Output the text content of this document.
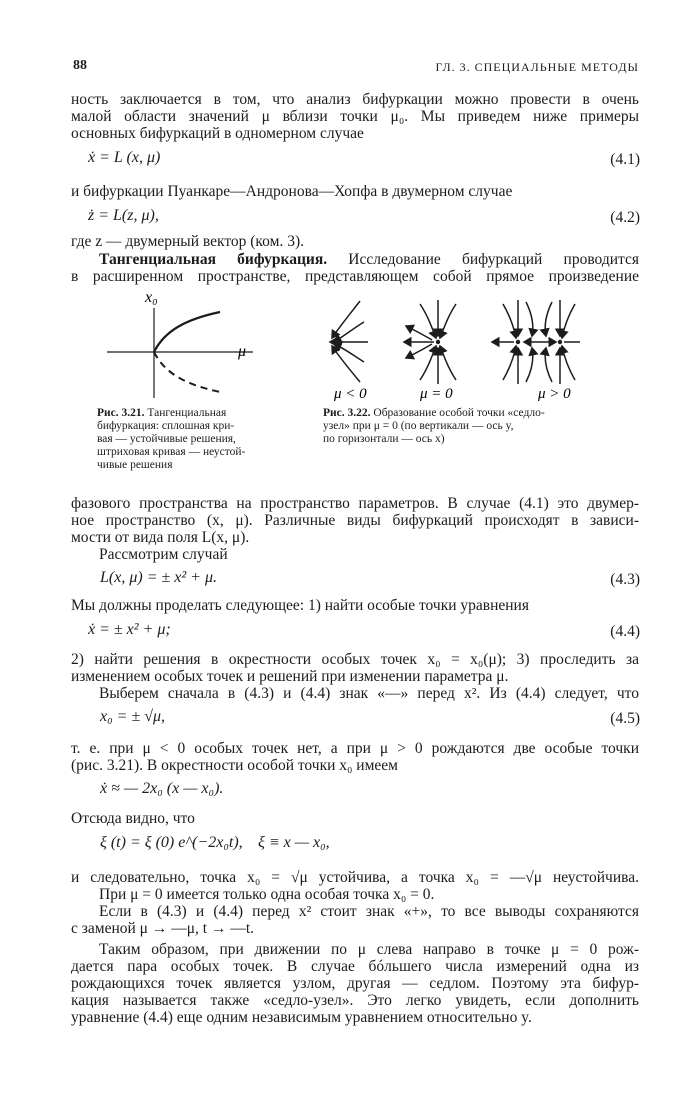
88	ГЛ. 3. СПЕЦИАЛЬНЫЕ МЕТОДЫ
ность заключается в том, что анализ бифуркации можно провести в очень
малой области значений μ вблизи точки μ₀. Мы приведем ниже примеры
основных бифуркаций в одномерном случае
ẋ = L (x, μ)	(4.1)
и бифуркации Пуанкаре—Андронова—Хопфа в двумерном случае
ż = L(z, μ),	(4.2)
где z — двумерный вектор (ком. 3).
Тангенциальная бифуркация. Исследование бифуркаций проводится
в расширенном пространстве, представляющем собой прямое произведение
x₀
μ
μ < 0	μ = 0	μ > 0
Рис. 3.21. Тангенциальная
бифуркация: сплошная кри-
вая — устойчивые решения,
штриховая кривая — неустой-
чивые решения
Рис. 3.22. Образование особой точки «седло-
узел» при μ = 0 (по вертикали — ось y,
по горизонтали — ось x)
фазового пространства на пространство параметров. В случае (4.1) это двумер-
ное пространство (x, μ). Различные виды бифуркаций происходят в зависи-
мости от вида поля L(x, μ).
Рассмотрим случай
L(x, μ) = ± x² + μ.	(4.3)
Мы должны проделать следующее: 1) найти особые точки уравнения
ẋ = ± x² + μ;	(4.4)
2) найти решения в окрестности особых точек x₀ = x₀(μ); 3) проследить за
изменением особых точек и решений при изменении параметра μ.
Выберем сначала в (4.3) и (4.4) знак «—» перед x². Из (4.4) следует, что
x₀ = ± √μ,	(4.5)
т. е. при μ < 0 особых точек нет, а при μ > 0 рождаются две особые точки
(рис. 3.21). В окрестности особой точки x₀ имеем
ẋ ≈ — 2x₀ (x — x₀).
Отсюда видно, что
ξ (t) = ξ (0) e^(−2x₀t), ξ ≡ x — x₀,
и следовательно, точка x₀ = √μ устойчива, а точка x₀ = —√μ неустойчива.
При μ = 0 имеется только одна особая точка x₀ = 0.
Если в (4.3) и (4.4) перед x² стоит знак «+», то все выводы сохраняются
с заменой μ → —μ, t → —t.
Таким образом, при движении по μ слева направо в точке μ = 0 рож-
дается пара особых точек. В случае бóльшего числа измерений одна из
рождающихся точек является узлом, другая — седлом. Поэтому эта бифур-
кация называется также «седло-узел». Это легко увидеть, если дополнить
уравнение (4.4) еще одним независимым уравнением относительно y.
